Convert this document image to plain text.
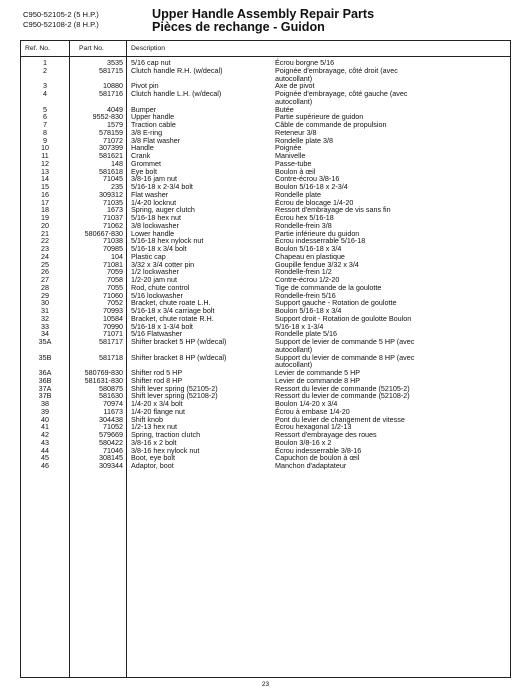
C950-52105-2 (5 H.P.)
C950-52108-2 (8 H.P.)
Upper Handle Assembly Repair Parts
Pièces de rechange - Guidon
Ref. No.	Part No.	Description
1	3535 5/16 cap nut	Écrou borgne 5/16
2	581715 Clutch handle R.H. (w/decal)	Poignée d'embrayage, côté droit (avec
autocollant)
3	10880 Pivot pin	Axe de pivot
4	581716 Clutch handle L.H. (w/decal)	Poignée d'embrayage, côté gauche (avec
autocollant)
5	4049 Bumper	Butée
6	9552-830 Upper handle	Partie supérieure de guidon
7	1579 Traction cable	Câble de commande de propulsion
8	578159 3/8 E-ring	Reteneur 3/8
9	71072 3/8 Flat washer	Rondelle plate 3/8
10	307399 Handle	Poignée
11	581621 Crank	Manivelle
12	148 Grommet	Passe-tube
13	581618 Eye bolt	Boulon à œil
14	71045 3/8-16 jam nut	Contre-écrou 3/8-16
15	235 5/16-18 x 2-3/4 bolt	Boulon 5/16-18 x 2-3/4
16	309312 Flat washer	Rondelle plate
17	71035 1/4-20 locknut	Écrou de blocage 1/4-20
18	1673 Spring, auger clutch	Ressort d'embrayage de vis sans fin
19	71037 5/16-18 hex nut	Écrou hex 5/16-18
20	71062 3/8 lockwasher	Rondelle-frein 3/8
21	580667-830 Lower handle	Partie inférieure du guidon
22	71038 5/16-18 hex nylock nut	Écrou indesserrable 5/16-18
23	70985 5/16-18 x 3/4 bolt	Boulon 5/16-18 x 3/4
24	104 Plastic cap	Chapeau en plastique
25	71081 3/32 x 3/4 cotter pin	Goupille fendue 3/32 x 3/4
26	7059 1/2 lockwasher	Rondelle-frein 1/2
27	7058 1/2-20 jam nut	Contre-écrou 1/2-20
28	7055 Rod, chute control	Tige de commande de la goulotte
29	71060 5/16 lockwasher	Rondelle-frein 5/16
30	7052 Bracket, chute roate L.H.	Support gauche - Rotation de goulotte
31	70993 5/16-18 x 3/4 carriage bolt	Boulon 5/16-18 x 3/4
32	10584 Bracket, chute rotate R.H.	Support droit - Rotation de goulotte Boulon
33	70990 5/16-18 x 1-3/4 bolt	5/16-18 x 1-3/4
34	71071 5/16 Flatwasher	Rondelle plate 5/16
35A	581717 Shifter bracket 5 HP (w/decal)	Support de levier de commande 5 HP (avec
autocollant)
35B	581718 Shifter bracket 8 HP (w/decal)	Support du levier de commande 8 HP (avec
autocollant)
36A	580769-830 Shifter rod 5 HP	Levier de commande 5 HP
36B	581631-830 Shifter rod 8 HP	Levier de commande 8 HP
37A	580875 Shift lever spring (52105-2)	Ressort du levier de commande (52105-2)
37B	581630 Shift lever spring (52108-2)	Ressort du levier de commande (52108-2)
38	70974 1/4-20 x 3/4 bolt	Boulon 1/4-20 x 3/4
39	11673 1/4-20 flange nut	Écrou à embase 1/4-20
40	304438 Shift knob	Pont du levier de changement de vitesse
41	71052 1/2-13 hex nut	Écrou hexagonal 1/2-13
42	579669 Spring, traction clutch	Ressort d'embrayage des roues
43	580422 3/8-16 x 2 bolt	Boulon 3/8-16 x 2
44	71046 3/8-16 hex nylock nut	Écrou indesserrable 3/8-16
45	308145 Boot, eye bolt	Capuchon de boulon à œil
46	309344 Adaptor, boot	Manchon d'adaptateur
23
